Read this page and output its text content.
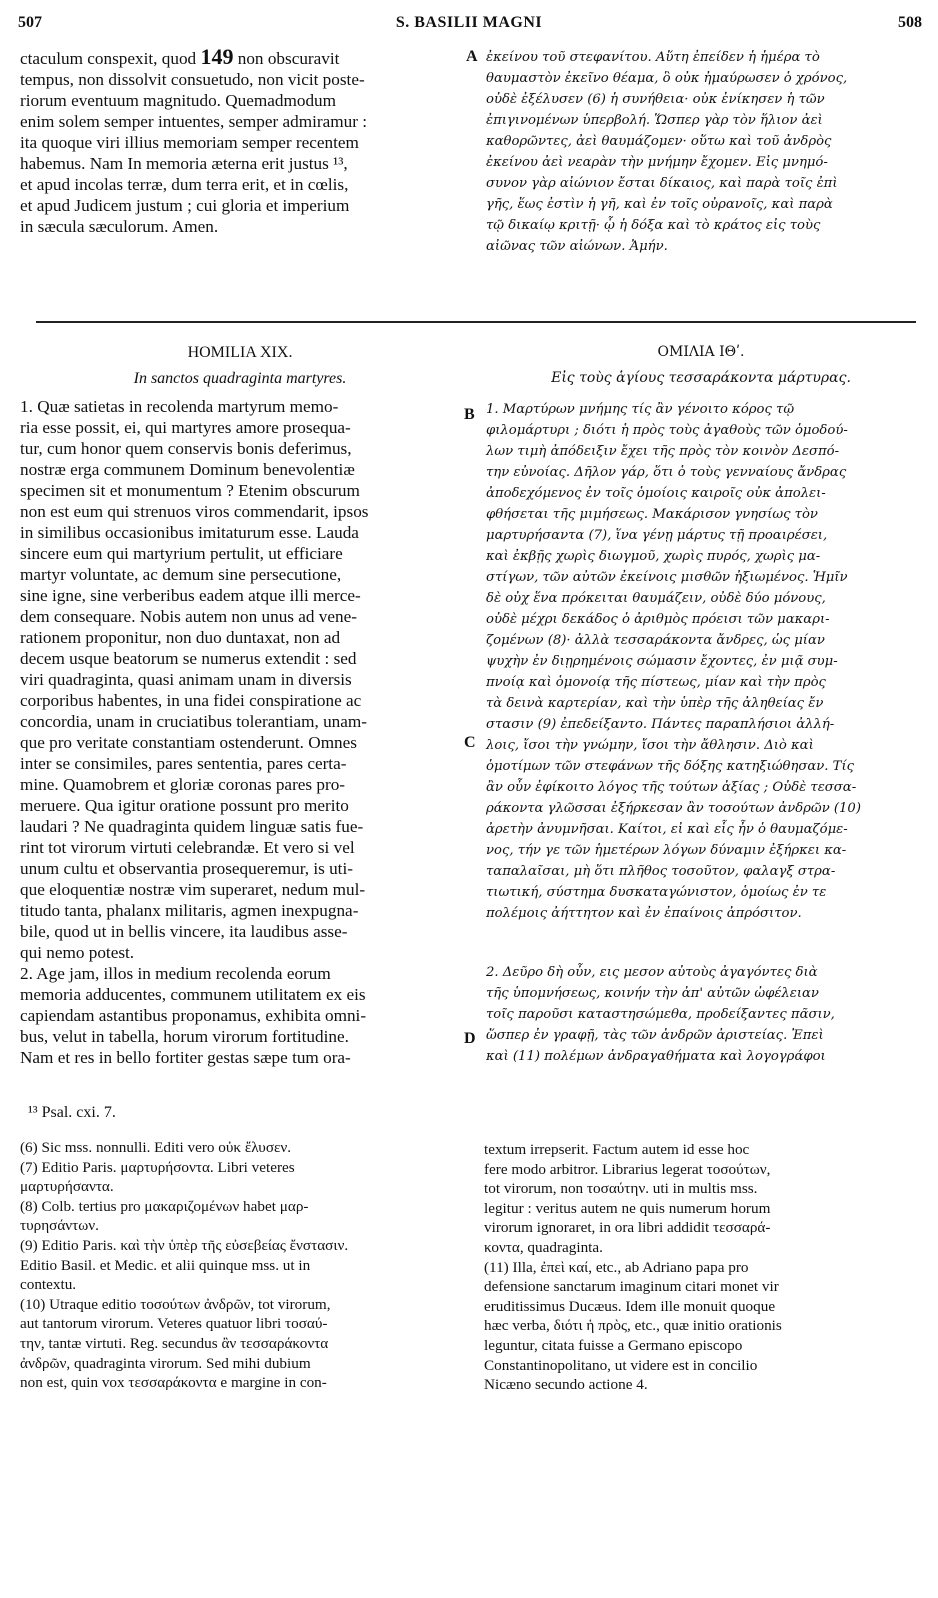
507	S. BASILII MAGNI	508
ctaculum conspexit, quod 149 non obscuravit
tempus, non dissolvit consuetudo, non vicit poste-
riorum eventuum magnitudo. Quemadmodum
enim solem semper intuentes, semper admiramur :
ita quoque viri illius memoriam semper recentem
habemus. Nam In memoria æterna erit justus ¹³,
et apud incolas terræ, dum terra erit, et in cœlis,
et apud Judicem justum ; cui gloria et imperium
in sæcula sæculorum. Amen.
A ἐκείνου τοῦ στεφανίτου. Αὕτη ἐπείδεν ἡ ἡμέρα τὸ
θαυμαστὸν ἐκεῖνο θέαμα, ὃ οὐκ ἠμαύρωσεν ὁ χρόνος,
οὐδὲ ἐξέλυσεν (6) ἡ συνήθεια· οὐκ ἐνίκησεν ἡ τῶν
ἐπιγινομένων ὑπερβολή. Ὥσπερ γὰρ τὸν ἥλιον ἀεὶ
καθορῶντες, ἀεὶ θαυμάζομεν· οὕτω καὶ τοῦ ἀνδρὸς
ἐκείνου ἀεὶ νεαρὰν τὴν μνήμην ἔχομεν. Εἰς μνημό-
συνον γὰρ αἰώνιον ἔσται δίκαιος, καὶ παρὰ τοῖς ἐπὶ
γῆς, ἕως ἐστὶν ἡ γῆ, καὶ ἐν τοῖς οὐρανοῖς, καὶ παρὰ
τῷ δικαίῳ κριτῇ· ᾧ ἡ δόξα καὶ τὸ κράτος εἰς τοὺς
αἰῶνας τῶν αἰώνων. Ἀμήν.
HOMILIA XIX.
In sanctos quadraginta martyres.
ΟΜΙΛΙΑ ΙΘʹ.
Εἰς τοὺς ἁγίους τεσσαράκοντα μάρτυρας.
1. Quæ satietas in recolenda martyrum memo-
ria esse possit, ei, qui martyres amore prosequa-
tur, cum honor quem conservis bonis deferimus,
nostræ erga communem Dominum benevolentiæ
specimen sit et monumentum ? Etenim obscurum
non est eum qui strenuos viros commendarit, ipsos
in similibus occasionibus imitaturum esse. Lauda
sincere eum qui martyrium pertulit, ut efficiare
martyr voluntate, ac demum sine persecutione,
sine igne, sine verberibus eadem atque illi merce-
dem consequare. Nobis autem non unus ad vene-
rationem proponitur, non duo duntaxat, non ad
decem usque beatorum se numerus extendit : sed
viri quadraginta, quasi animam unam in diversis
corporibus habentes, in una fidei conspiratione ac
concordia, unam in cruciatibus tolerantiam, unam-
que pro veritate constantiam ostenderunt. Omnes
inter se consimiles, pares sententia, pares certa-
mine. Quamobrem et gloriæ coronas pares pro-
meruere. Qua igitur oratione possunt pro merito
laudari ? Ne quadraginta quidem linguæ satis fue-
rint tot virorum virtuti celebrandæ. Et vero si vel
unum cultu et observantia prosequeremur, is uti-
que eloquentiæ nostræ vim superaret, nedum mul-
titudo tanta, phalanx militaris, agmen inexpugna-
bile, quod ut in bellis vincere, ita laudibus asse-
qui nemo potest.
2. Age jam, illos in medium recolenda eorum
memoria adducentes, communem utilitatem ex eis
capiendam astantibus proponamus, exhibita omni-
bus, velut in tabella, horum virorum fortitudine.
Nam et res in bello fortiter gestas sæpe tum ora-
B
C
D
1. Μαρτύρων μνήμης τίς ἂν γένοιτο κόρος τῷ
φιλομάρτυρι ; διότι ἡ πρὸς τοὺς ἀγαθοὺς τῶν ὁμοδού-
λων τιμὴ ἀπόδειξιν ἔχει τῆς πρὸς τὸν κοινὸν Δεσπό-
την εὐνοίας. Δῆλον γάρ, ὅτι ὁ τοὺς γενναίους ἄνδρας
ἀποδεχόμενος ἐν τοῖς ὁμοίοις καιροῖς οὐκ ἀπολει-
φθήσεται τῆς μιμήσεως. Μακάρισον γνησίως τὸν
μαρτυρήσαντα (7), ἵνα γένῃ μάρτυς τῇ προαιρέσει,
καὶ ἐκβῇς χωρὶς διωγμοῦ, χωρὶς πυρός, χωρὶς μα-
στίγων, τῶν αὐτῶν ἐκείνοις μισθῶν ἠξιωμένος. Ἡμῖν
δὲ οὐχ ἕνα πρόκειται θαυμάζειν, οὐδὲ δύο μόνους,
οὐδὲ μέχρι δεκάδος ὁ ἀριθμὸς πρόεισι τῶν μακαρι-
ζομένων (8)· ἀλλὰ τεσσαράκοντα ἄνδρες, ὡς μίαν
ψυχὴν ἐν διῃρημένοις σώμασιν ἔχοντες, ἐν μιᾷ συμ-
πνοίᾳ καὶ ὁμονοίᾳ τῆς πίστεως, μίαν καὶ τὴν πρὸς
τὰ δεινὰ καρτερίαν, καὶ τὴν ὑπὲρ τῆς ἀληθείας ἔν
στασιν (9) ἐπεδείξαντο. Πάντες παραπλήσιοι ἀλλή-
λοις, ἴσοι τὴν γνώμην, ἴσοι τὴν ἄθλησιν. Διὸ καὶ
ὁμοτίμων τῶν στεφάνων τῆς δόξης κατηξιώθησαν. Τίς
ἂν οὖν ἐφίκοιτο λόγος τῆς τούτων ἀξίας ; Οὐδὲ τεσσα-
ράκοντα γλῶσσαι ἐξήρκεσαν ἂν τοσούτων ἀνδρῶν (10)
ἀρετὴν ἀνυμνῆσαι. Καίτοι, εἰ καὶ εἷς ἦν ὁ θαυμαζόμε-
νος, τήν γε τῶν ἡμετέρων λόγων δύναμιν ἐξήρκει κα-
ταπαλαῖσαι, μὴ ὅτι πλῆθος τοσοῦτον, φαλαγξ στρα-
τιωτική, σύστημα δυσκαταγώνιστον, ὁμοίως ἐν τε
πολέμοις ἀήττητον καὶ ἐν ἐπαίνοις ἀπρόσιτον.
2. Δεῦρο δὴ οὖν, εις μεσον αὐτοὺς ἀγαγόντες διὰ
τῆς ὑπομνήσεως, κοινήν τὴν ἀπ' αὐτῶν ὠφέλειαν
τοῖς παροῦσι καταστησώμεθα, προδείξαντες πᾶσιν,
ὥσπερ ἐν γραφῇ, τὰς τῶν ἀνδρῶν ἀριστείας. Ἐπεὶ
καὶ (11) πολέμων ἀνδραγαθήματα καὶ λογογράφοι
¹³ Psal. cxi. 7.
(6) Sic mss. nonnulli. Editi vero οὐκ ἔλυσεν.
(7) Editio Paris. μαρτυρήσοντα. Libri veteres
μαρτυρήσαντα.
(8) Colb. tertius pro μακαριζομένων habet μαρ-
τυρησάντων.
(9) Editio Paris. καὶ τὴν ὑπὲρ τῆς εὐσεβείας ἔνστασιν.
Editio Basil. et Medic. et alii quinque mss. ut in
contextu.
(10) Utraque editio τοσούτων ἀνδρῶν, tot virorum,
aut tantorum virorum. Veteres quatuor libri τοσαύ-
την, tantæ virtuti. Reg. secundus ἂν τεσσαράκοντα
ἀνδρῶν, quadraginta virorum. Sed mihi dubium
non est, quin vox τεσσαράκοντα e margine in con-
textum irrepserit. Factum autem id esse hoc
fere modo arbitror. Librarius legerat τοσούτων,
tot virorum, non τοσαύτην. uti in multis mss.
legitur : veritus autem ne quis numerum horum
virorum ignoraret, in ora libri addidit τεσσαρά-
κοντα, quadraginta.
(11) Illa, ἐπεὶ καί, etc., ab Adriano papa pro
defensione sanctarum imaginum citari monet vir
eruditissimus Ducæus. Idem ille monuit quoque
hæc verba, διότι ἡ πρὸς, etc., quæ initio orationis
leguntur, citata fuisse a Germano episcopo
Constantinopolitano, ut videre est in concilio
Nicæno secundo actione 4.
